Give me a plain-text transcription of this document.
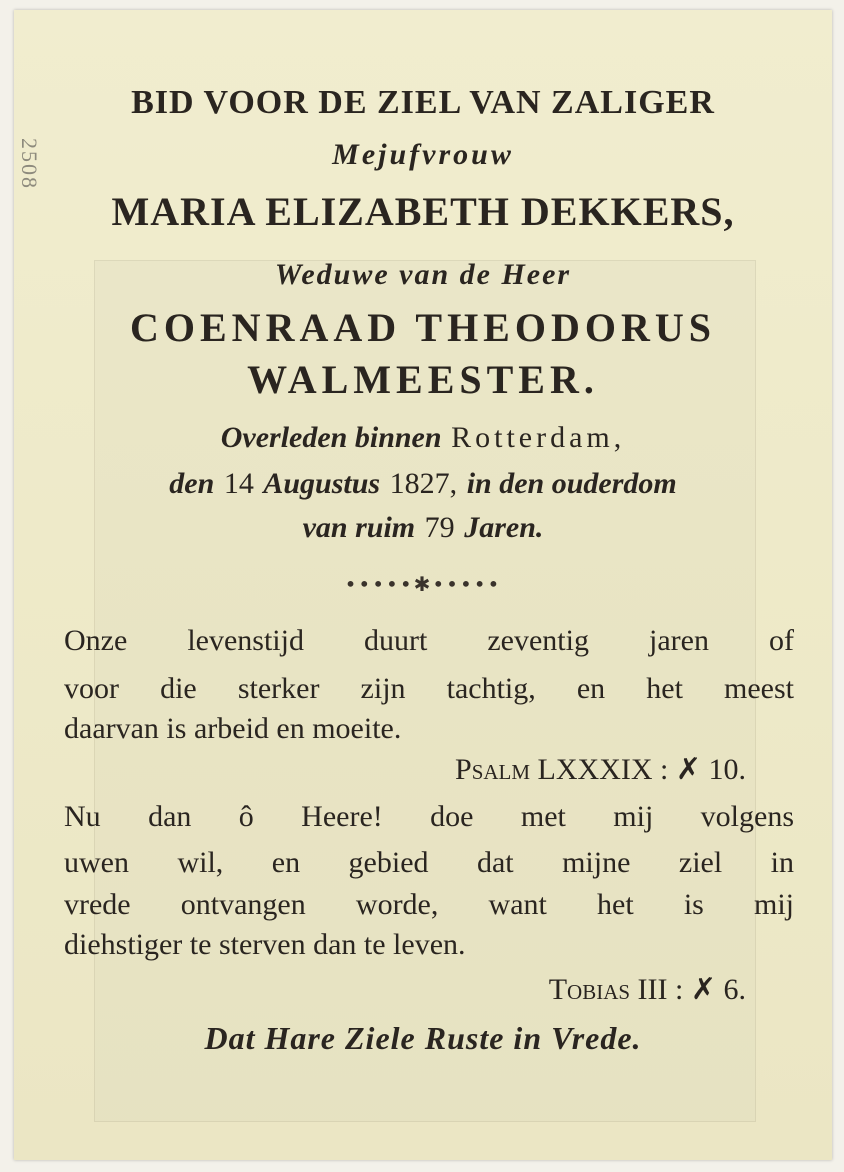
2508
BID VOOR DE ZIEL VAN ZALIGER
Mejufvrouw
MARIA ELIZABETH DEKKERS,
Weduwe van de Heer
COENRAAD THEODORUS
WALMEESTER.
Overleden binnen Rotterdam,
den 14 Augustus 1827, in den ouderdom
van ruim 79 Jaren.
•••••✱•••••
Onze levenstijd duurt zeventig jaren of
voor die sterker zijn tachtig, en het meest
daarvan is arbeid en moeite.
Psalm LXXXIX : ✗ 10.
Nu dan ô Heere! doe met mij volgens
uwen wil, en gebied dat mijne ziel in
vrede ontvangen worde, want het is mij
diehstiger te sterven dan te leven.
Tobias III : ✗ 6.
Dat Hare Ziele Ruste in Vrede.
